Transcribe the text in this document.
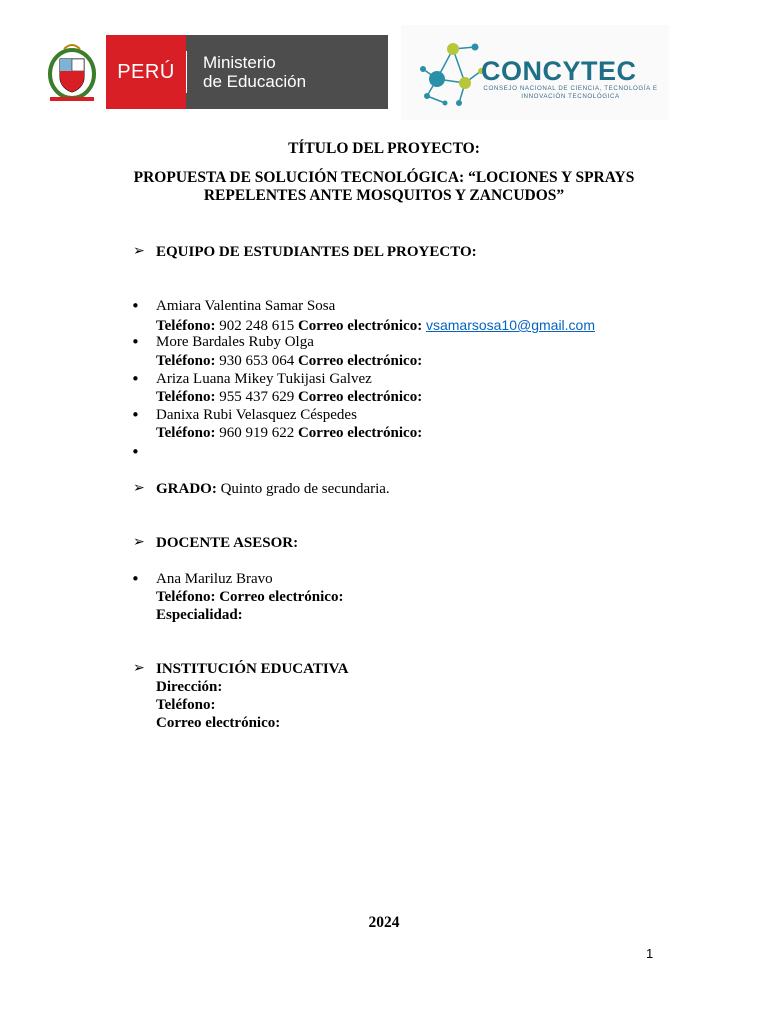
PERÚ	Ministerio
de Educación	CONCYTEC
CONSEJO NACIONAL DE CIENCIA, TECNOLOGÍA E INNOVACIÓN TECNOLÓGICA
TÍTULO DEL PROYECTO:
PROPUESTA DE SOLUCIÓN TECNOLÓGICA: “LOCIONES Y SPRAYS
REPELENTES ANTE MOSQUITOS Y ZANCUDOS”
➢ EQUIPO DE ESTUDIANTES DEL PROYECTO:
• Amiara Valentina Samar Sosa
Teléfono: 902 248 615 Correo electrónico: vsamarsosa10@gmail.com
• More Bardales Ruby Olga
Teléfono: 930 653 064 Correo electrónico:
• Ariza Luana Mikey Tukijasi Galvez
Teléfono: 955 437 629 Correo electrónico:
• Danixa Rubi Velasquez Céspedes
Teléfono: 960 919 622 Correo electrónico:
•
➢ GRADO: Quinto grado de secundaria.
➢ DOCENTE ASESOR:
• Ana Mariluz Bravo
Teléfono: Correo electrónico:
Especialidad:
➢ INSTITUCIÓN EDUCATIVA
Dirección:
Teléfono:
Correo electrónico:
2024
1
